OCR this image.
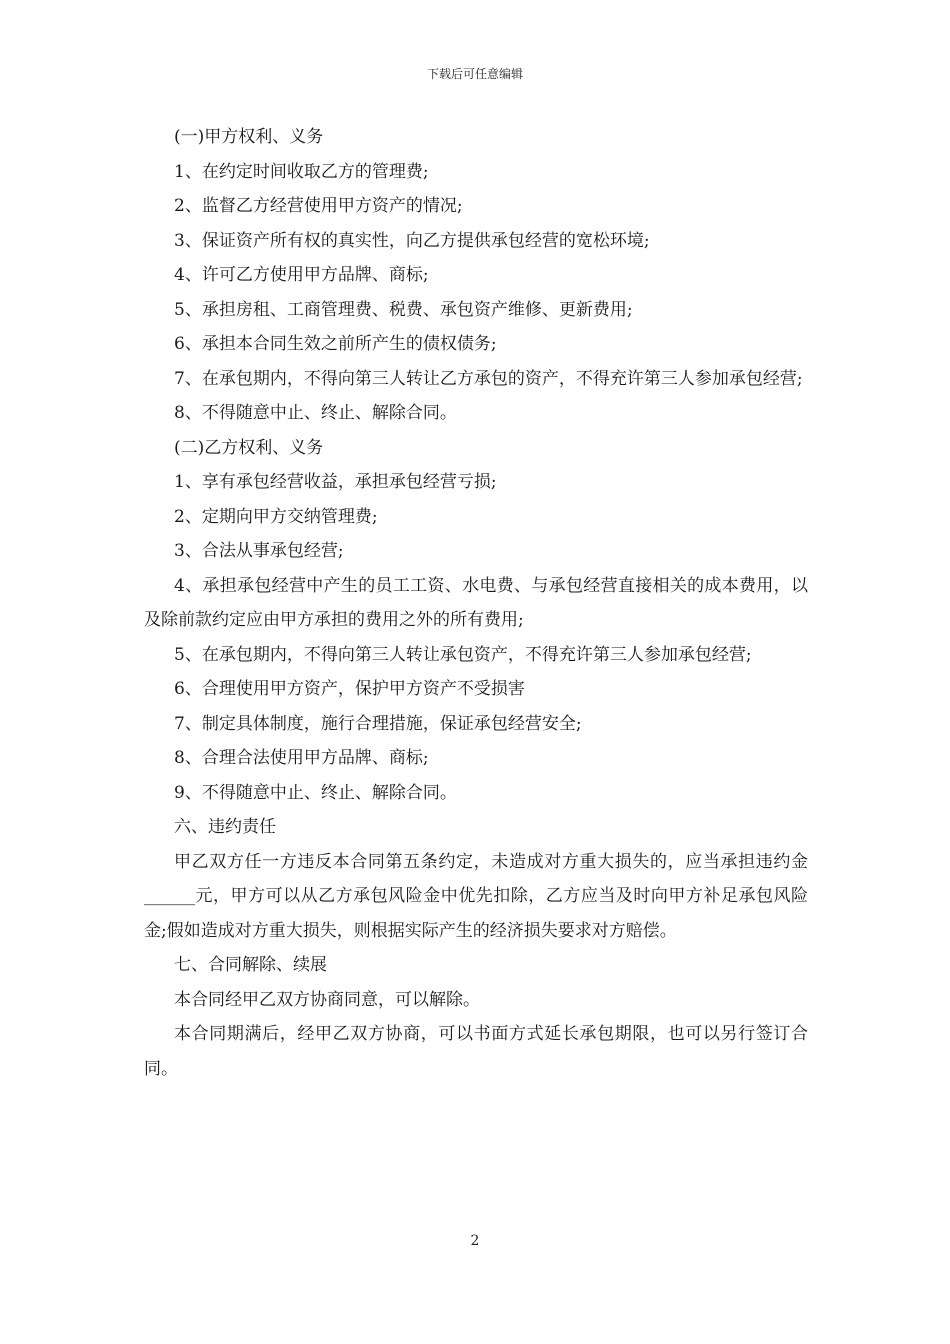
下载后可任意编辑

(一)甲方权利、义务

1、在约定时间收取乙方的管理费;

2、监督乙方经营使用甲方资产的情况;

3、保证资产所有权的真实性，向乙方提供承包经营的宽松环境;

4、许可乙方使用甲方品牌、商标;

5、承担房租、工商管理费、税费、承包资产维修、更新费用;

6、承担本合同生效之前所产生的债权债务;

7、在承包期内，不得向第三人转让乙方承包的资产，不得充许第三人参加承包经营;

8、不得随意中止、终止、解除合同。

(二)乙方权利、义务

1、享有承包经营收益，承担承包经营亏损;

2、定期向甲方交纳管理费;

3、合法从事承包经营;

4、承担承包经营中产生的员工工资、水电费、与承包经营直接相关的成本费用，以及除前款约定应由甲方承担的费用之外的所有费用;

5、在承包期内，不得向第三人转让承包资产，不得充许第三人参加承包经营;

6、合理使用甲方资产，保护甲方资产不受损害

7、制定具体制度，施行合理措施，保证承包经营安全;

8、合理合法使用甲方品牌、商标;

9、不得随意中止、终止、解除合同。

六、违约责任

甲乙双方任一方违反本合同第五条约定，未造成对方重大损失的，应当承担违约金______元，甲方可以从乙方承包风险金中优先扣除，乙方应当及时向甲方补足承包风险金;假如造成对方重大损失，则根据实际产生的经济损失要求对方赔偿。

七、合同解除、续展

本合同经甲乙双方协商同意，可以解除。

本合同期满后，经甲乙双方协商，可以书面方式延长承包期限，也可以另行签订合同。

2
